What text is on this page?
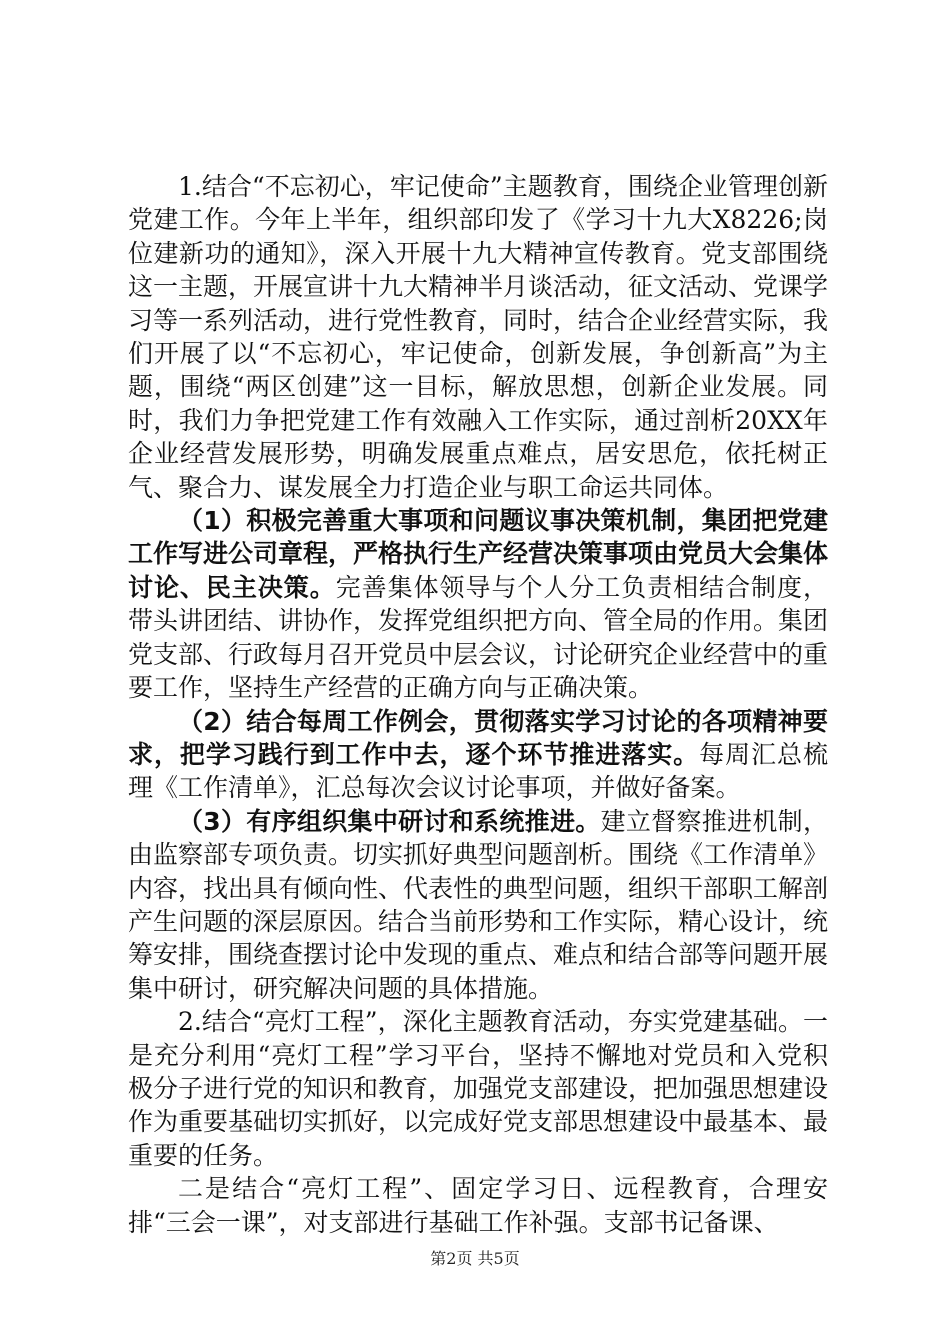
1.结合“不忘初心，牢记使命”主题教育，围绕企业管理创新党建工作。今年上半年，组织部印发了《学习十九大X8226;岗位建新功的通知》，深入开展十九大精神宣传教育。党支部围绕这一主题，开展宣讲十九大精神半月谈活动，征文活动、党课学习等一系列活动，进行党性教育，同时，结合企业经营实际，我们开展了以“不忘初心，牢记使命，创新发展，争创新高”为主题，围绕“两区创建”这一目标，解放思想，创新企业发展。同时，我们力争把党建工作有效融入工作实际，通过剖析20XX年企业经营发展形势，明确发展重点难点，居安思危，依托树正气、聚合力、谋发展全力打造企业与职工命运共同体。

（1）积极完善重大事项和问题议事决策机制，集团把党建工作写进公司章程，严格执行生产经营决策事项由党员大会集体讨论、民主决策。完善集体领导与个人分工负责相结合制度，带头讲团结、讲协作，发挥党组织把方向、管全局的作用。集团党支部、行政每月召开党员中层会议，讨论研究企业经营中的重要工作，坚持生产经营的正确方向与正确决策。

（2）结合每周工作例会，贯彻落实学习讨论的各项精神要求，把学习践行到工作中去，逐个环节推进落实。每周汇总梳理《工作清单》，汇总每次会议讨论事项，并做好备案。

（3）有序组织集中研讨和系统推进。建立督察推进机制，由监察部专项负责。切实抓好典型问题剖析。围绕《工作清单》内容，找出具有倾向性、代表性的典型问题，组织干部职工解剖产生问题的深层原因。结合当前形势和工作实际，精心设计，统筹安排，围绕查摆讨论中发现的重点、难点和结合部等问题开展集中研讨，研究解决问题的具体措施。

2.结合“亮灯工程”，深化主题教育活动，夯实党建基础。一是充分利用“亮灯工程”学习平台，坚持不懈地对党员和入党积极分子进行党的知识和教育，加强党支部建设，把加强思想建设作为重要基础切实抓好，以完成好党支部思想建设中最基本、最重要的任务。

二是结合“亮灯工程”、固定学习日、远程教育，合理安排“三会一课”，对支部进行基础工作补强。支部书记备课、

第2页 共5页
